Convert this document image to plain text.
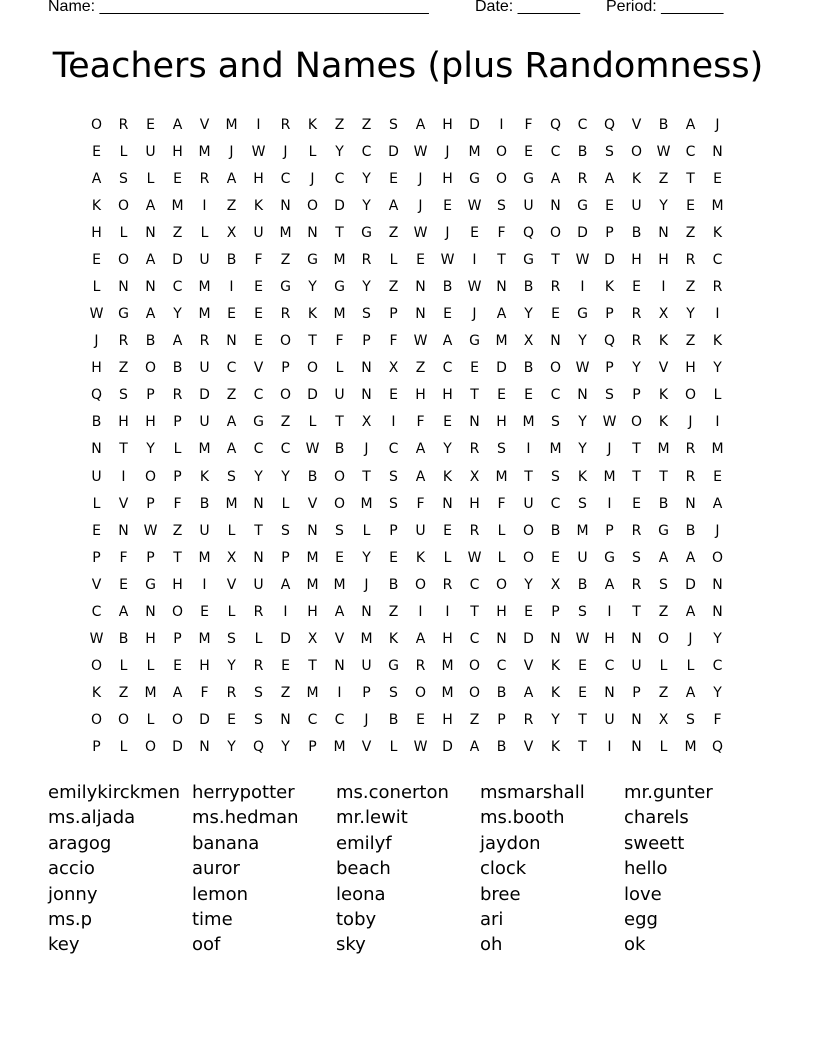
Name: _____________________________________	Date: _______ Period: _______
Teachers and Names (plus Randomness)
O	R	E	A	V	M	I	R	K	Z	Z	S	A	H	D	I	F	Q	C	Q	V	B	A	J
E	L	U	H	M	J	W	J	L	Y	C	D	W	J	M	O	E	C	B	S	O	W	C	N
A	S	L	E	R	A	H	C	J	C	Y	E	J	H	G	O	G	A	R	A	K	Z	T	E
K	O	A	M	I	Z	K	N	O	D	Y	A	J	E	W	S	U	N	G	E	U	Y	E	M
H	L	N	Z	L	X	U	M	N	T	G	Z	W	J	E	F	Q	O	D	P	B	N	Z	K
E	O	A	D	U	B	F	Z	G	M	R	L	E	W	I	T	G	T	W	D	H	H	R	C
L	N	N	C	M	I	E	G	Y	G	Y	Z	N	B	W	N	B	R	I	K	E	I	Z	R
W	G	A	Y	M	E	E	R	K	M	S	P	N	E	J	A	Y	E	G	P	R	X	Y	I
J	R	B	A	R	N	E	O	T	F	P	F	W	A	G	M	X	N	Y	Q	R	K	Z	K
H	Z	O	B	U	C	V	P	O	L	N	X	Z	C	E	D	B	O	W	P	Y	V	H	Y
Q	S	P	R	D	Z	C	O	D	U	N	E	H	H	T	E	E	C	N	S	P	K	O	L
B	H	H	P	U	A	G	Z	L	T	X	I	F	E	N	H	M	S	Y	W	O	K	J	I
N	T	Y	L	M	A	C	C	W	B	J	C	A	Y	R	S	I	M	Y	J	T	M	R	M
U	I	O	P	K	S	Y	Y	B	O	T	S	A	K	X	M	T	S	K	M	T	T	R	E
L	V	P	F	B	M	N	L	V	O	M	S	F	N	H	F	U	C	S	I	E	B	N	A
E	N	W	Z	U	L	T	S	N	S	L	P	U	E	R	L	O	B	M	P	R	G	B	J
P	F	P	T	M	X	N	P	M	E	Y	E	K	L	W	L	O	E	U	G	S	A	A	O
V	E	G	H	I	V	U	A	M	M	J	B	O	R	C	O	Y	X	B	A	R	S	D	N
C	A	N	O	E	L	R	I	H	A	N	Z	I	I	T	H	E	P	S	I	T	Z	A	N
W	B	H	P	M	S	L	D	X	V	M	K	A	H	C	N	D	N	W	H	N	O	J	Y
O	L	L	E	H	Y	R	E	T	N	U	G	R	M	O	C	V	K	E	C	U	L	L	C
K	Z	M	A	F	R	S	Z	M	I	P	S	O	M	O	B	A	K	E	N	P	Z	A	Y
O	O	L	O	D	E	S	N	C	C	J	B	E	H	Z	P	R	Y	T	U	N	X	S	F
P	L	O	D	N	Y	Q	Y	P	M	V	L	W	D	A	B	V	K	T	I	N	L	M	Q
emilykirckmen herrypotter	ms.conerton	msmarshall	mr.gunter
ms.aljada	ms.hedman	mr.lewit	ms.booth	charels
aragog	banana	emilyf	jaydon	sweett
accio	auror	beach	clock	hello
jonny	lemon	leona	bree	love
ms.p	time	toby	ari	egg
key	oof	sky	oh	ok
